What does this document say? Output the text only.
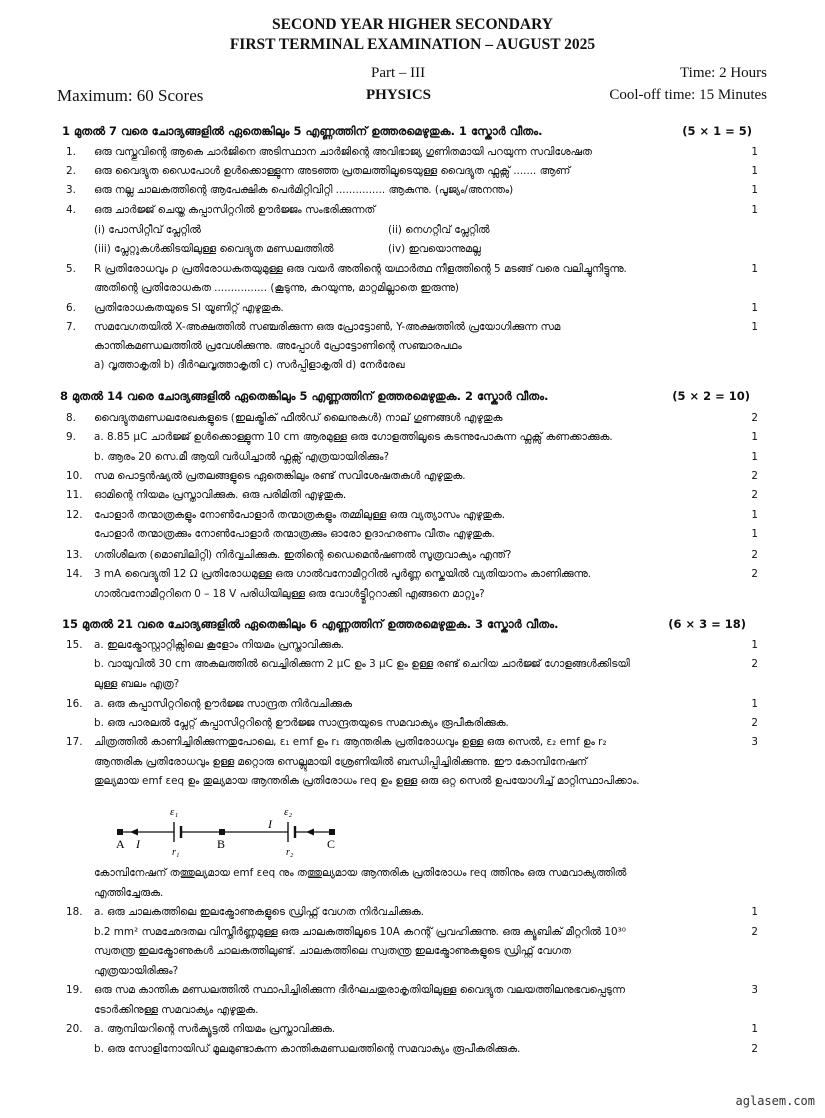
SECOND YEAR HIGHER SECONDARY
FIRST TERMINAL EXAMINATION – AUGUST 2025
Part – III	Time: 2 Hours
Maximum: 60 Scores	PHYSICS	Cool-off time: 15 Minutes
1 മുതൽ 7 വരെ ചോദ്യങ്ങളിൽ ഏതെങ്കിലും 5 എണ്ണത്തിന് ഉത്തരമെഴുതുക. 1 സ്കോർ വീതം.	(5 × 1 = 5)
8 മുതൽ 14 വരെ ചോദ്യങ്ങളിൽ ഏതെങ്കിലും 5 എണ്ണത്തിന് ഉത്തരമെഴുതുക. 2 സ്കോർ വീതം.	(5 × 2 = 10)
15 മുതൽ 21 വരെ ചോദ്യങ്ങളിൽ ഏതെങ്കിലും 6 എണ്ണത്തിന് ഉത്തരമെഴുതുക. 3 സ്കോർ വീതം.	(6 × 3 = 18)
1. ഒരു വസ്തുവിന്റെ ആകെ ചാർജിനെ അടിസ്ഥാന ചാർജിന്റെ അവിഭാജ്യ ഗുണിതമായി പറയുന്ന സവിശേഷത	1
2. ഒരു വൈദ്യുത ഡൈപോൾ ഉൾക്കൊള്ളുന്ന അടഞ്ഞ പ്രതലത്തിലൂടെയുള്ള വൈദ്യുത ഫ്ലക്സ് ....... ആണ്	1
3. ഒരു നല്ല ചാലകത്തിന്റെ ആപേക്ഷിക പെർമിറ്റിവിറ്റി ............... ആകുന്നു. (പൂജ്യം/അനന്തം)	1
4. ഒരു ചാർജ്ജ് ചെയ്ത കപ്പാസിറ്ററിൽ ഊർജ്ജം സംഭരിക്കുന്നത്	1
5. R പ്രതിരോധവും ρ പ്രതിരോധകതയുമുള്ള ഒരു വയർ അതിന്റെ യഥാർത്ഥ നീളത്തിന്റെ 5 മടങ്ങ് വരെ വലിച്ചുനീട്ടുന്നു.	1
അതിന്റെ പ്രതിരോധകത ................ (കൂടുന്നു, കുറയുന്നു, മാറ്റമില്ലാതെ ഇരുന്നു)
6. പ്രതിരോധകതയുടെ SI യൂണിറ്റ് എഴുതുക.	1
7. സമവേഗതയിൽ X-അക്ഷത്തിൽ സഞ്ചരിക്കുന്ന ഒരു പ്രോട്ടോൺ, Y-അക്ഷത്തിൽ പ്രയോഗിക്കുന്ന സമ	1
കാന്തികമണ്ഡലത്തിൽ പ്രവേശിക്കുന്നു. അപ്പോൾ പ്രോട്ടോണിന്റെ സഞ്ചാരപഥം
a) വൃത്താകൃതി b) ദീർഘവൃത്താകൃതി c) സർപ്പിളാകൃതി d) നേർരേഖ
8. വൈദ്യുതമണ്ഡലരേഖകളുടെ (ഇലക്ട്രിക് ഫീൽഡ് ലൈനുകൾ) നാല് ഗുണങ്ങൾ എഴുതുക	2
9. a. 8.85 μC ചാർജ്ജ് ഉൾക്കൊള്ളുന്ന 10 cm ആരമുള്ള ഒരു ഗോളത്തിലൂടെ കടന്നുപോകുന്ന ഫ്ലക്സ് കണക്കാക്കുക.	1
b. ആരം 20 സെ.മീ ആയി വർധിച്ചാൽ ഫ്ലക്സ് എത്രയായിരിക്കും?	1
10. സമ പൊട്ടൻഷ്യൽ പ്രതലങ്ങളുടെ ഏതെങ്കിലും രണ്ട് സവിശേഷതകൾ എഴുതുക.	2
11. ഓമിന്റെ നിയമം പ്രസ്താവിക്കുക. ഒരു പരിമിതി എഴുതുക.	2
12. പോളാർ തന്മാത്രകളും നോൺപോളാർ തന്മാത്രകളും തമ്മിലുള്ള ഒരു വ്യത്യാസം എഴുതുക.	1
പോളാർ തന്മാത്രക്കും നോൺപോളാർ തന്മാത്രക്കും ഓരോ ഉദാഹരണം വീതം എഴുതുക.	1
13. ഗതിശീലത (മൊബിലിറ്റി) നിർവ്വചിക്കുക. ഇതിന്റെ ഡൈമെൻഷണൽ സൂത്രവാക്യം എന്ത്?	2
14. 3 mA വൈദ്യുതി 12 Ω പ്രതിരോധമുള്ള ഒരു ഗാൽവനോമീറ്ററിൽ പൂർണ്ണ സ്കെയിൽ വ്യതിയാനം കാണിക്കുന്നു.	2
ഗാൽവനോമീറ്ററിനെ 0 – 18 V പരിധിയിലുള്ള ഒരു വോൾട്ട്മീറ്ററാക്കി എങ്ങനെ മാറ്റും?
15. a. ഇലക്ട്രോസ്റ്റാറ്റിക്സിലെ കൂളോം നിയമം പ്രസ്താവിക്കുക.	1
b. വായുവിൽ 30 cm അകലത്തിൽ വെച്ചിരിക്കുന്ന 2 μC ഉം 3 μC ഉം ഉള്ള രണ്ട് ചെറിയ ചാർജ്ജ് ഗോളങ്ങൾക്കിടയി	2
ലുള്ള ബലം എത്ര?
16. a. ഒരു കപ്പാസിറ്ററിന്റെ ഊർജ്ജ സാന്ദ്രത നിർവചിക്കുക	1
b. ഒരു പാരലൽ പ്ലേറ്റ് കപ്പാസിറ്ററിന്റെ ഊർജ്ജ സാന്ദ്രതയുടെ സമവാക്യം രൂപീകരിക്കുക.	2
17. ചിത്രത്തിൽ കാണിച്ചിരിക്കുന്നതുപോലെ, ε₁ emf ഉം r₁ ആന്തരിക പ്രതിരോധവും ഉള്ള ഒരു സെൽ, ε₂ emf ഉം r₂	3
ആന്തരിക പ്രതിരോധവും ഉള്ള മറ്റൊരു സെല്ലുമായി ശ്രേണിയിൽ ബന്ധിപ്പിച്ചിരിക്കുന്നു. ഈ കോമ്പിനേഷന്
തുല്യമായ emf εeq ഉം തുല്യമായ ആന്തരിക പ്രതിരോധം req ഉം ഉള്ള ഒരു ഒറ്റ സെൽ ഉപയോഗിച്ച് മാറ്റിസ്ഥാപിക്കാം.
കോമ്പിനേഷന് തത്തുല്യമായ emf εeq നും തത്തുല്യമായ ആന്തരിക പ്രതിരോധം req ത്തിനും ഒരു സമവാക്യത്തിൽ
എത്തിച്ചേരുക.
18. a. ഒരു ചാലകത്തിലെ ഇലക്ട്രോണുകളുടെ ഡ്രിഫ്റ്റ് വേഗത നിർവചിക്കുക.	1
b.2 mm² സമഛേദതല വിസ്തീർണ്ണമുള്ള ഒരു ചാലകത്തിലൂടെ 10A കറന്റ് പ്രവഹിക്കുന്നു. ഒരു ക്യൂബിക് മീറ്ററിൽ 10³⁰	2
സ്വതന്ത്ര ഇലക്ട്രോണുകൾ ചാലകത്തിലുണ്ട്. ചാലകത്തിലെ സ്വതന്ത്ര ഇലക്ട്രോണുകളുടെ ഡ്രിഫ്റ്റ് വേഗത
എത്രയായിരിക്കും?
19. ഒരു സമ കാന്തിക മണ്ഡലത്തിൽ സ്ഥാപിച്ചിരിക്കുന്ന ദീർഘചതുരാകൃതിയിലുള്ള വൈദ്യുത വലയത്തിലനുഭവപ്പെടുന്ന	3
ടോർക്കിനുള്ള സമവാക്യം എഴുതുക.
20. a. ആമ്പിയറിന്റെ സർക്യൂട്ടൽ നിയമം പ്രസ്താവിക്കുക.	1
b. ഒരു സോളിനോയിഡ് മൂലമുണ്ടാകുന്ന കാന്തികമണ്ഡലത്തിന്റെ സമവാക്യം രൂപീകരിക്കുക.	2
(i) പോസിറ്റീവ് പ്ലേറ്റിൽ	(ii) നെഗറ്റീവ് പ്ലേറ്റിൽ
(iii) പ്ലേറ്റുകൾക്കിടയിലുള്ള വൈദ്യുത മണ്ഡലത്തിൽ	(iv) ഇവയൊന്നുമല്ല
A I	B
I
C
ε₁
r₁
ε₂
r₂
aglasem.com
